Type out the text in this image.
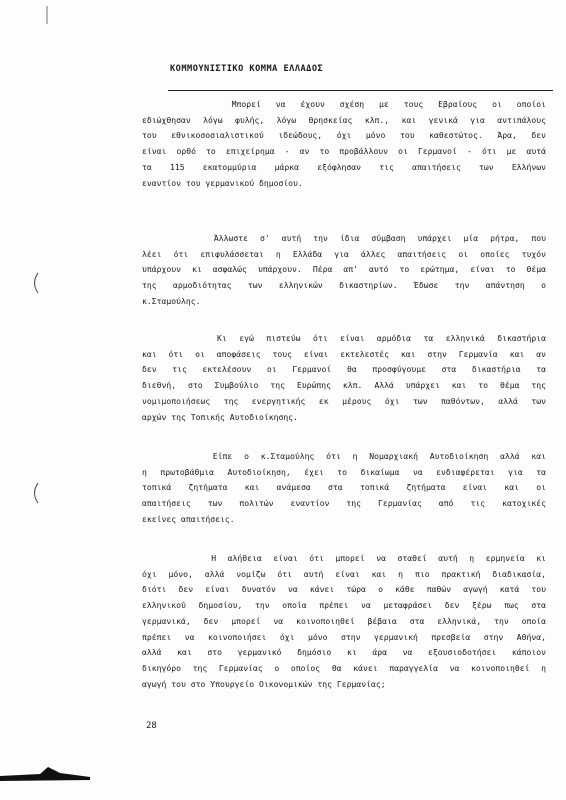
ΚΟΜΜΟΥΝΙΣΤΙΚΟ ΚΟΜΜΑ ΕΛΛΑΔΟΣ
Μπορεί να έχουν σχέση με τους Εβραίους οι οποίοι
εδιώχθησαν λόγω φυλής, λόγω θρησκείας κλπ., και γενικά για αντιπάλους
του εθνικοσοσιαλιστικού ιδεώδους, όχι μόνο του καθεστώτος. Άρα, δεν
είναι ορθό το επιχείρημα - αν το προβάλλουν οι Γερμανοί - ότι με αυτά
τα 115 εκατομμύρια μάρκα εξόφλησαν τις απαιτήσεις των Ελλήνων
εναντίον του γερμανικού δημοσίου.
Άλλωστε σ' αυτή την ίδια σύμβαση υπάρχει μία ρήτρα, που
λέει ότι επιφυλάσσεται η Ελλάδα για άλλες απαιτήσεις οι οποίες τυχόν
υπάρχουν κι ασφαλώς υπάρχουν. Πέρα απ' αυτό το ερώτημα, είναι το θέμα
της αρμοδιότητας των ελληνικών δικαστηρίων. Έδωσε την απάντηση ο
κ.Σταμούλης.
Κι εγώ πιστεύω ότι είναι αρμόδια τα ελληνικά δικαστήρια
και ότι οι αποφάσεις τους είναι εκτελεστές και στην Γερμανία και αν
δεν τις εκτελέσουν οι Γερμανοί θα προσφύγουμε στα δικαστήρια τα
διεθνή, στο Συμβούλιο της Ευρώπης κλπ. Αλλά υπάρχει και το θέμα της
νομιμοποιήσεως της ενεργητικής εκ μέρους όχι των παθόντων, αλλά των
αρχών της Τοπικής Αυτοδιοίκησης.
Είπε ο κ.Σταμούλης ότι η Νομαρχιακή Αυτοδιοίκηση αλλά και
η πρωτοβάθμια Αυτοδιοίκηση, έχει το δικαίωμα να ενδιαφέρεται για τα
τοπικά ζητήματα και ανάμεσα στα τοπικά ζητήματα είναι και οι
απαιτήσεις των πολιτών εναντίον της Γερμανίας από τις κατοχικές
εκείνες απαιτήσεις.
Η αλήθεια είναι ότι μπορεί να σταθεί αυτή η ερμηνεία κι
όχι μόνο, αλλά νομίζω ότι αυτή είναι και η πιο πρακτική διαδικασία,
διότι δεν είναι δυνατόν να κάνει τώρα ο κάθε παθών αγωγή κατά του
ελληνικού δημοσίου, την οποία πρέπει να μεταφράσει δεν ξέρω πως στα
γερμανικά, δεν μπορεί να κοινοποιηθεί βέβαια στα ελληνικά, την οποία
πρέπει να κοινοποιήσει όχι μόνο στην γερμανική πρεσβεία στην Αθήνα,
αλλά και στο γερμανικό δημόσιο κι άρα να εξουσιοδοτήσει κάποιον
δικηγόρο της Γερμανίας ο οποίος θα κάνει παραγγελία να κοινοποιηθεί η
αγωγή του στο Υπουργείο Οικονομικών της Γερμανίας;
28
